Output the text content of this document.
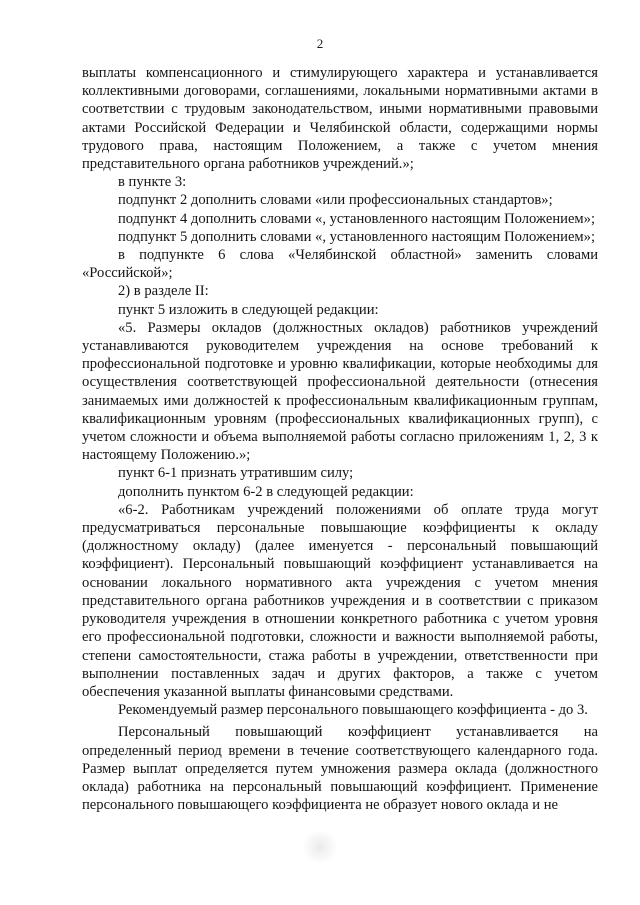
2

выплаты компенсационного и стимулирующего характера и устанавливается коллективными договорами, соглашениями, локальными нормативными актами в соответствии с трудовым законодательством, иными нормативными правовыми актами Российской Федерации и Челябинской области, содержащими нормы трудового права, настоящим Положением, а также с учетом мнения представительного органа работников учреждений.»;

в пункте 3:

подпункт 2 дополнить словами «или профессиональных стандартов»;

подпункт 4 дополнить словами «, установленного настоящим Положением»;

подпункт 5 дополнить словами «, установленного настоящим Положением»;

в подпункте 6 слова «Челябинской областной» заменить словами «Российской»;

2) в разделе II:

пункт 5 изложить в следующей редакции:

«5. Размеры окладов (должностных окладов) работников учреждений устанавливаются руководителем учреждения на основе требований к профессиональной подготовке и уровню квалификации, которые необходимы для осуществления соответствующей профессиональной деятельности (отнесения занимаемых ими должностей к профессиональным квалификационным группам, квалификационным уровням (профессиональных квалификационных групп), с учетом сложности и объема выполняемой работы согласно приложениям 1, 2, 3 к настоящему Положению.»;

пункт 6-1 признать утратившим силу;

дополнить пунктом 6-2 в следующей редакции:

«6-2. Работникам учреждений положениями об оплате труда могут предусматриваться персональные повышающие коэффициенты к окладу (должностному окладу) (далее именуется - персональный повышающий коэффициент). Персональный повышающий коэффициент устанавливается на основании локального нормативного акта учреждения с учетом мнения представительного органа работников учреждения и в соответствии с приказом руководителя учреждения в отношении конкретного работника с учетом уровня его профессиональной подготовки, сложности и важности выполняемой работы, степени самостоятельности, стажа работы в учреждении, ответственности при выполнении поставленных задач и других факторов, а также с учетом обеспечения указанной выплаты финансовыми средствами.

Рекомендуемый размер персонального повышающего коэффициента - до 3.

Персональный повышающий коэффициент устанавливается на определенный период времени в течение соответствующего календарного года. Размер выплат определяется путем умножения размера оклада (должностного оклада) работника на персональный повышающий коэффициент. Применение персонального повышающего коэффициента не образует нового оклада и не
